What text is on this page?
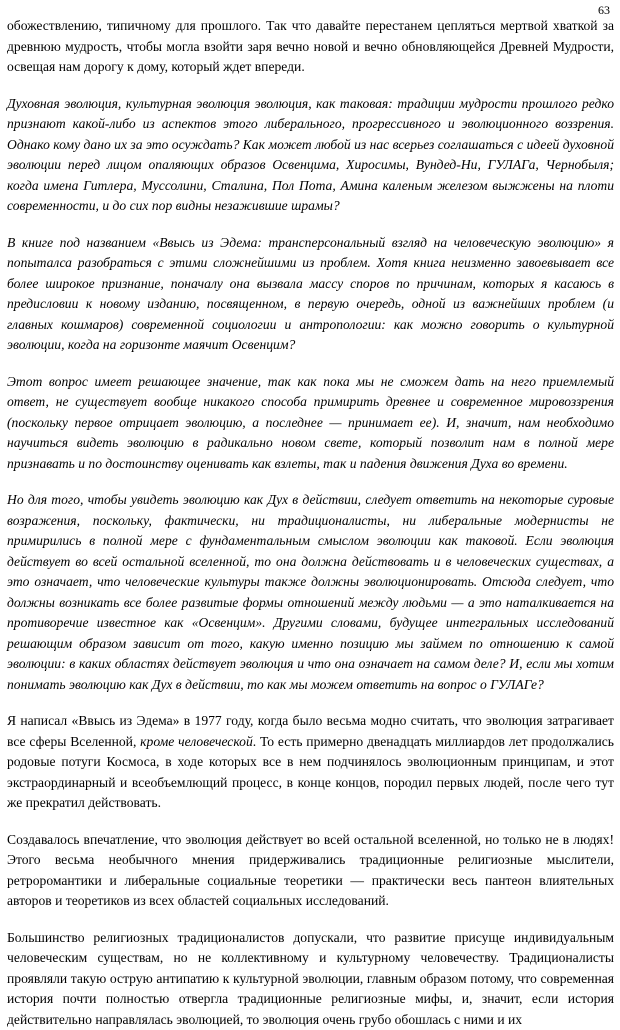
63

обожествлению, типичному для прошлого. Так что давайте перестанем цепляться мертвой хваткой за древнюю мудрость, чтобы могла взойти заря вечно новой и вечно обновляющейся Древней Мудрости, освещая нам дорогу к дому, который ждет впереди.

Духовная эволюция, культурная эволюция эволюция, как таковая: традиции мудрости прошлого редко признают какой-либо из аспектов этого либерального, прогрессивного и эволюционного воззрения. Однако кому дано их за это осуждать? Как может любой из нас всерьез соглашаться с идеей духовной эволюции перед лицом опаляющих образов Освенцима, Хиросимы, Вундед-Ни, ГУЛАГа, Чернобыля; когда имена Гитлера, Муссолини, Сталина, Пол Пота, Амина каленым железом выжжены на плоти современности, и до сих пор видны незажившие шрамы?

В книге под названием «Ввысь из Эдема: трансперсональный взгляд на человеческую эволюцию» я попыталса разобраться с этими сложнейшими из проблем. Хотя книга неизменно завоевывает все более широкое признание, поначалу она вызвала массу споров по причинам, которых я касаюсь в предисловии к новому изданию, посвященном, в первую очередь, одной из важнейших проблем (и главных кошмаров) современной социологии и антропологии: как можно говорить о культурной эволюции, когда на горизонте маячит Освенцим?

Этот вопрос имеет решающее значение, так как пока мы не сможем дать на него приемлемый ответ, не существует вообще никакого способа примирить древнее и современное мировоззрения (поскольку первое отрицает эволюцию, а последнее — принимает ее). И, значит, нам необходимо научиться видеть эволюцию в радикально новом свете, который позволит нам в полной мере признавать и по достоинству оценивать как взлеты, так и падения движения Духа во времени.

Но для того, чтобы увидеть эволюцию как Дух в действии, следует ответить на некоторые суровые возражения, поскольку, фактически, ни традиционалисты, ни либеральные модернисты не примирились в полной мере с фундаментальным смыслом эволюции как таковой. Если эволюция действует во всей остальной вселенной, то она должна действовать и в человеческих существах, а это означает, что человеческие культуры также должны эволюционировать. Отсюда следует, что должны возникать все более развитые формы отношений между людьми — а это наталкивается на противоречие известное как «Освенцим». Другими словами, будущее интегральных исследований решающим образом зависит от того, какую именно позицию мы займем по отношению к самой эволюции: в каких областях действует эволюция и что она означает на самом деле? И, если мы хотим понимать эволюцию как Дух в действии, то как мы можем ответить на вопрос о ГУЛАГе?

Я написал «Ввысь из Эдема» в 1977 году, когда было весьма модно считать, что эволюция затрагивает все сферы Вселенной, кроме человеческой. То есть примерно двенадцать миллиардов лет продолжались родовые потуги Космоса, в ходе которых все в нем подчинялось эволюционным принципам, и этот экстраординарный и всеобъемлющий процесс, в конце концов, породил первых людей, после чего тут же прекратил действовать.

Создавалось впечатление, что эволюция действует во всей остальной вселенной, но только не в людях! Этого весьма необычного мнения придерживались традиционные религиозные мыслители, ретроромантики и либеральные социальные теоретики — практически весь пантеон влиятельных авторов и теоретиков из всех областей социальных исследований.

Большинство религиозных традиционалистов допускали, что развитие присуще индивидуальным человеческим существам, но не коллективному и культурному человечеству. Традиционалисты проявляли такую острую антипатию к культурной эволюции, главным образом потому, что современная история почти полностью отвергла традиционные религиозные мифы, и, значит, если история действительно направлялась эволюцией, то эволюция очень грубо обошлась с ними и их
